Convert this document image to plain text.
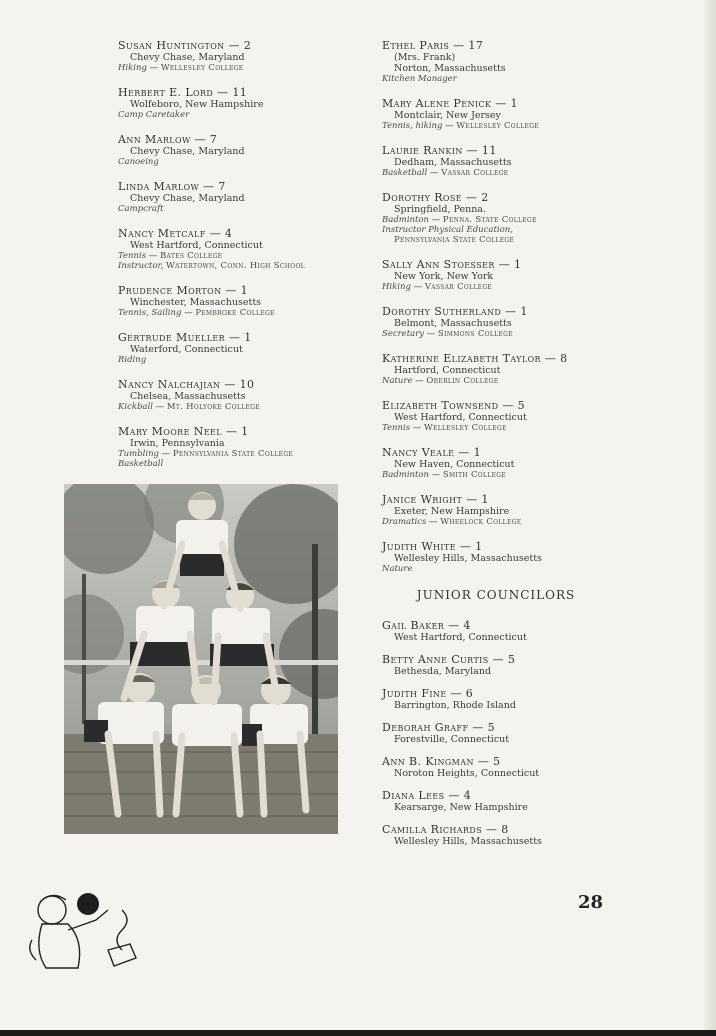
Susan Huntington — 2
Chevy Chase, Maryland
Hiking — Wellesley College
Herbert E. Lord — 11
Wolfeboro, New Hampshire
Camp Caretaker
Ann Marlow — 7
Chevy Chase, Maryland
Canoeing
Linda Marlow — 7
Chevy Chase, Maryland
Campcraft
Nancy Metcalf — 4
West Hartford, Connecticut
Tennis — Bates College
Instructor, Watertown, Conn. High School
Prudence Morton — 1
Winchester, Massachusetts
Tennis, Sailing — Pembroke College
Gertrude Mueller — 1
Waterford, Connecticut
Riding
Nancy Nalchajian — 10
Chelsea, Massachusetts
Kickball — Mt. Holyoke College
Mary Moore Neel — 1
Irwin, Pennsylvania
Tumbling — Pennsylvania State College
Basketball
Ethel Paris — 17
(Mrs. Frank)
Norton, Massachusetts
Kitchen Manager
Mary Alene Penick — 1
Montclair, New Jersey
Tennis, hiking — Wellesley College
Laurie Rankin — 11
Dedham, Massachusetts
Basketball — Vassar College
Dorothy Rose — 2
Springfield, Penna.
Badminton — Penna. State College
Instructor Physical Education,
Pennsylvania State College
Sally Ann Stoesser — 1
New York, New York
Hiking — Vassar College
Dorothy Sutherland — 1
Belmont, Massachusetts
Secretary — Simmons College
Katherine Elizabeth Taylor — 8
Hartford, Connecticut
Nature — Oberlin College
Elizabeth Townsend — 5
West Hartford, Connecticut
Tennis — Wellesley College
Nancy Veale — 1
New Haven, Connecticut
Badminton — Smith College
Janice Wright — 1
Exeter, New Hampshire
Dramatics — Wheelock College
Judith White — 1
Wellesley Hills, Massachusetts
Nature
JUNIOR COUNCILORS
Gail Baker — 4
West Hartford, Connecticut
Betty Anne Curtis — 5
Bethesda, Maryland
Judith Fine — 6
Barrington, Rhode Island
Deborah Graff — 5
Forestville, Connecticut
Ann B. Kingman — 5
Noroton Heights, Connecticut
Diana Lees — 4
Kearsarge, New Hampshire
Camilla Richards — 8
Wellesley Hills, Massachusetts
28
